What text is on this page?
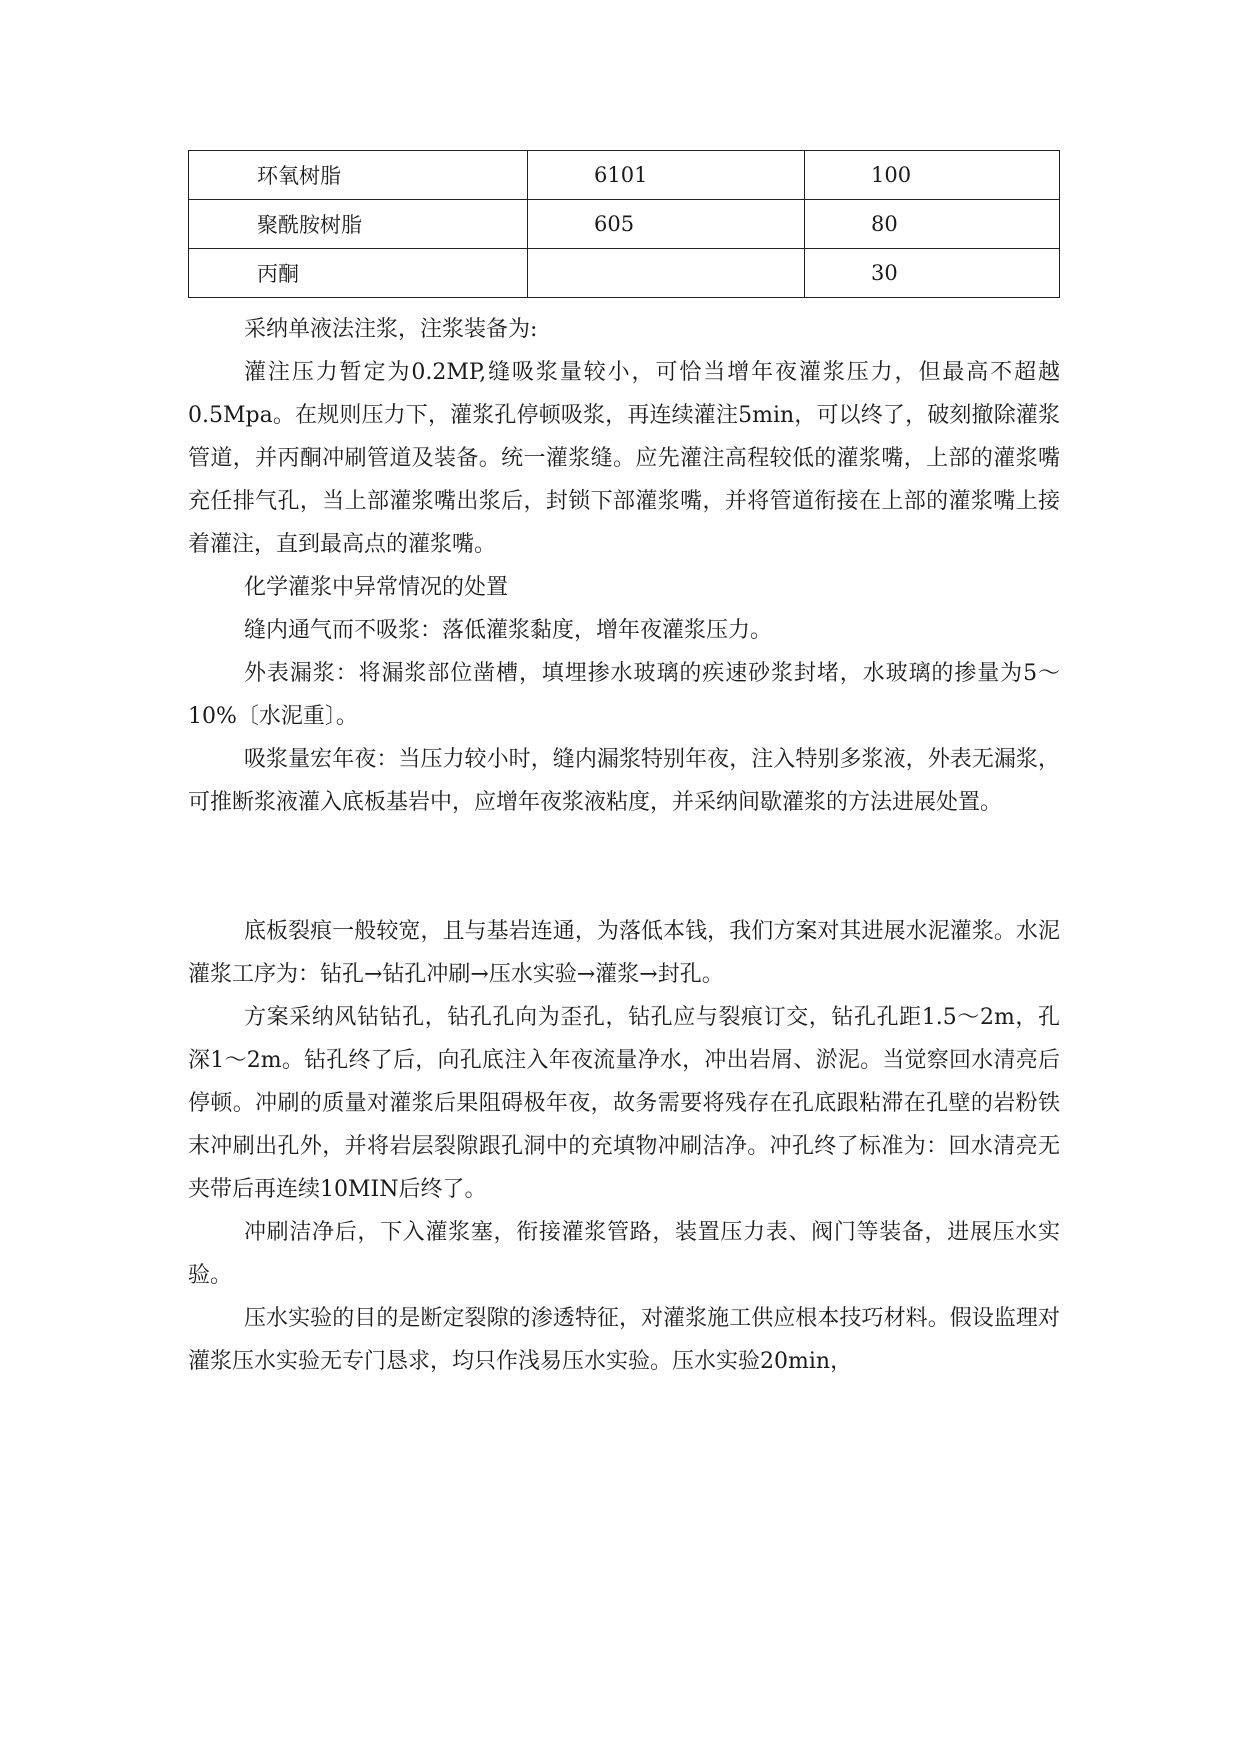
环氧树脂	6101	100
聚酰胺树脂	605	80
丙酮		30

采纳单液法注浆，注浆装备为:

灌注压力暂定为0.2MP,缝吸浆量较小，可恰当增年夜灌浆压力，但最高不超越0.5Mpa。在规则压力下，灌浆孔停顿吸浆，再连续灌注5min，可以终了，破刻撤除灌浆管道，并丙酮冲刷管道及装备。统一灌浆缝。应先灌注高程较低的灌浆嘴，上部的灌浆嘴充任排气孔，当上部灌浆嘴出浆后，封锁下部灌浆嘴，并将管道衔接在上部的灌浆嘴上接着灌注，直到最高点的灌浆嘴。

化学灌浆中异常情况的处置

缝内通气而不吸浆：落低灌浆黏度，增年夜灌浆压力。

外表漏浆：将漏浆部位凿槽，填埋掺水玻璃的疾速砂浆封堵，水玻璃的掺量为5～10%〔水泥重〕。

吸浆量宏年夜：当压力较小时，缝内漏浆特别年夜，注入特别多浆液，外表无漏浆，可推断浆液灌入底板基岩中，应增年夜浆液粘度，并采纳间歇灌浆的方法进展处置。

底板裂痕一般较宽，且与基岩连通，为落低本钱，我们方案对其进展水泥灌浆。水泥灌浆工序为：钻孔→钻孔冲刷→压水实验→灌浆→封孔。

方案采纳风钻钻孔，钻孔孔向为歪孔，钻孔应与裂痕订交，钻孔孔距1.5～2m，孔深1～2m。钻孔终了后，向孔底注入年夜流量净水，冲出岩屑、淤泥。当觉察回水清亮后停顿。冲刷的质量对灌浆后果阻碍极年夜，故务需要将残存在孔底跟粘滞在孔壁的岩粉铁末冲刷出孔外，并将岩层裂隙跟孔洞中的充填物冲刷洁净。冲孔终了标准为：回水清亮无夹带后再连续10MIN后终了。

冲刷洁净后，下入灌浆塞，衔接灌浆管路，装置压力表、阀门等装备，进展压水实验。

压水实验的目的是断定裂隙的渗透特征，对灌浆施工供应根本技巧材料。假设监理对灌浆压水实验无专门恳求，均只作浅易压水实验。压水实验20min，
